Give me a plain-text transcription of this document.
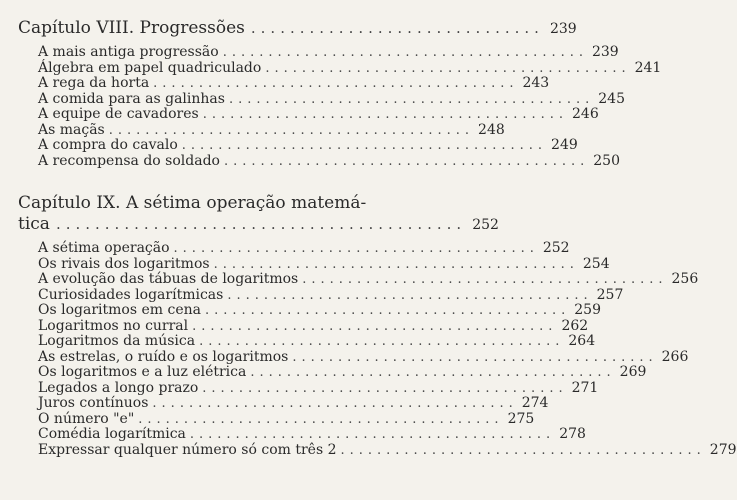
Capítulo VIII. Progressões .............................. 239
A mais antiga progressão ........................................ 239
Álgebra em papel quadriculado ........................................ 241
A rega da horta ........................................ 243
A comida para as galinhas ........................................ 245
A equipe de cavadores ........................................ 246
As maçãs ........................................ 248
A compra do cavalo ........................................ 249
A recompensa do soldado ........................................ 250
Capítulo IX. A sétima operação matemá-
tica .......................................... 252
A sétima operação ........................................ 252
Os rivais dos logaritmos ........................................ 254
A evolução das tábuas de logaritmos ........................................ 256
Curiosidades logarítmicas ........................................ 257
Os logaritmos em cena ........................................ 259
Logaritmos no curral ........................................ 262
Logaritmos da música ........................................ 264
As estrelas, o ruído e os logaritmos ........................................ 266
Os logaritmos e a luz elétrica ........................................ 269
Legados a longo prazo ........................................ 271
Juros contínuos ........................................ 274
O número "e" ........................................ 275
Comédia logarítmica ........................................ 278
Expressar qualquer número só com três 2 ........................................ 279
